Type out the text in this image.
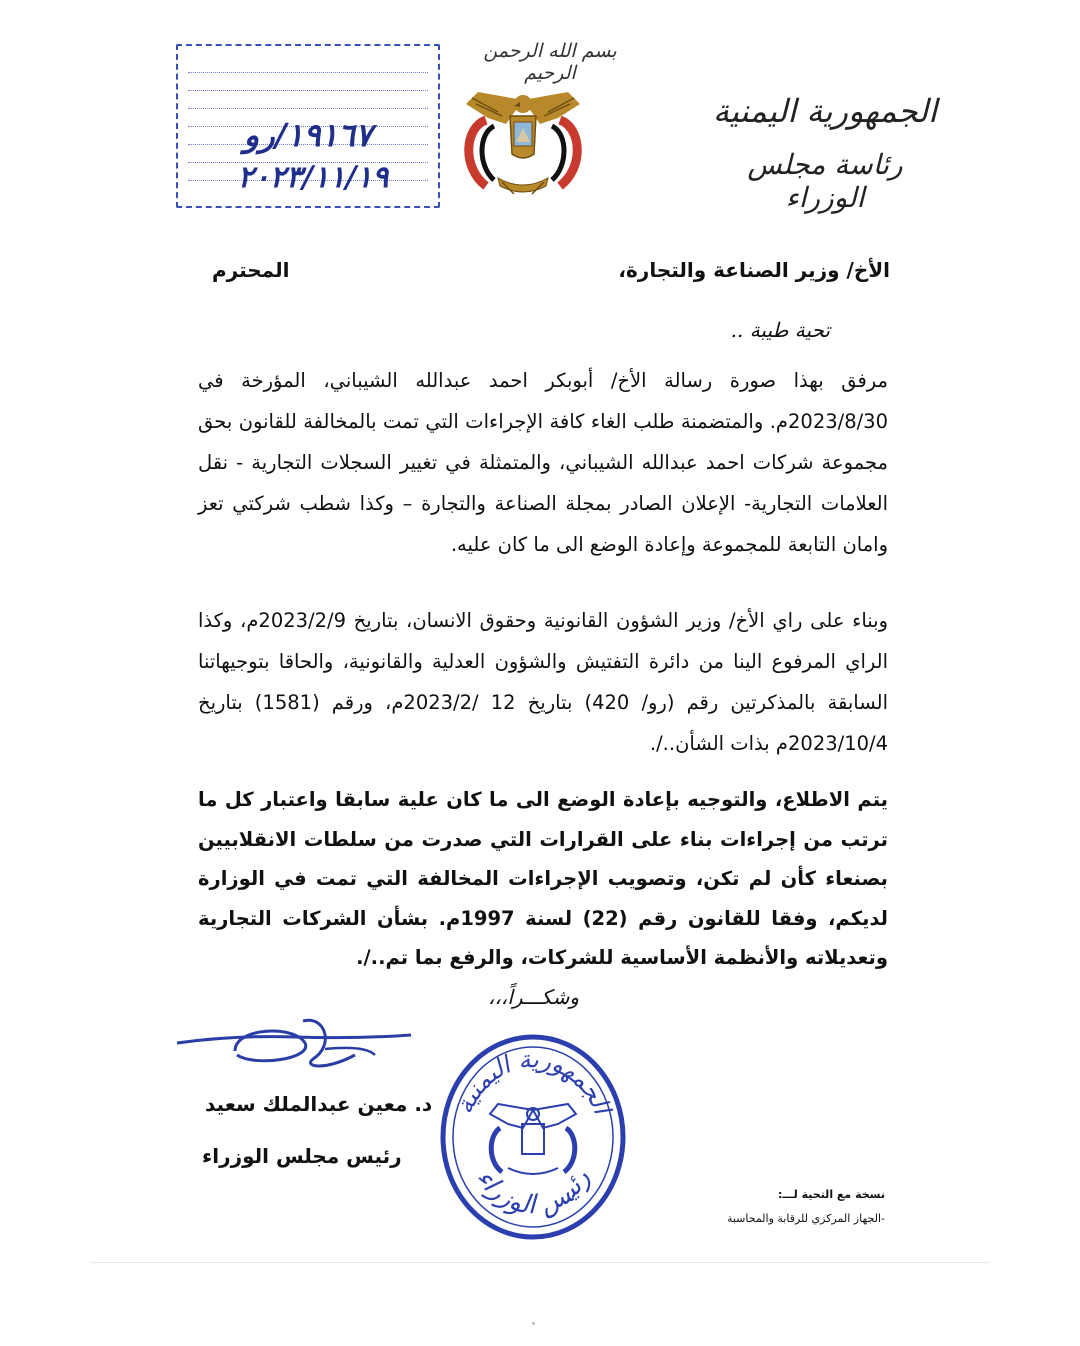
بسم الله الرحمن الرحيم
الجمهورية اليمنية
رئاسة مجلس الوزراء
١٩١٦٧/رو
٢٠٢٣/١١/١٩
الأخ/ وزير الصناعة والتجارة،
المحترم
تحية طيبة ..
مرفق بهذا صورة رسالة الأخ/ أبوبكر احمد عبدالله الشيباني، المؤرخة في 2023/8/30م. والمتضمنة طلب الغاء كافة الإجراءات التي تمت بالمخالفة للقانون بحق مجموعة شركات احمد عبدالله الشيباني، والمتمثلة في تغيير السجلات التجارية - نقل العلامات التجارية- الإعلان الصادر بمجلة الصناعة والتجارة – وكذا شطب شركتي تعز وامان التابعة للمجموعة وإعادة الوضع الى ما كان عليه.
وبناء على راي الأخ/ وزير الشؤون القانونية وحقوق الانسان، بتاريخ 2023/2/9م، وكذا الراي المرفوع الينا من دائرة التفتيش والشؤون العدلية والقانونية، والحاقا بتوجيهاتنا السابقة بالمذكرتين رقم (رو/ 420) بتاريخ 12 /2023/2م، ورقم (1581) بتاريخ 2023/10/4م بذات الشأن../.
يتم الاطلاع، والتوجيه بإعادة الوضع الى ما كان علية سابقا واعتبار كل ما ترتب من إجراءات بناء على القرارات التي صدرت من سلطات الانقلابيين بصنعاء كأن لم تكن، وتصويب الإجراءات المخالفة التي تمت في الوزارة لديكم، وفقا للقانون رقم (22) لسنة 1997م. بشأن الشركات التجارية وتعديلاته والأنظمة الأساسية للشركات، والرفع بما تم../.
وشكـــراً،،،
د. معين عبدالملك سعيد
رئيس مجلس الوزراء
الجمهورية اليمنية
رئيس الوزراء
نسخة مع التحية لـــ:
-الجهاز المركزي للرقابة والمحاسبة
